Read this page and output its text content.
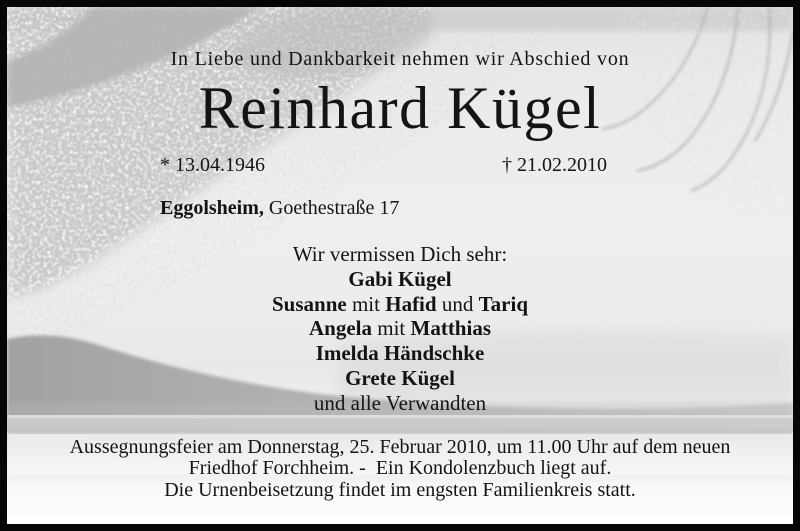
In Liebe und Dankbarkeit nehmen wir Abschied von
Reinhard Kügel
* 13.04.1946	† 21.02.2010
Eggolsheim, Goethestraße 17
Wir vermissen Dich sehr:
Gabi Kügel
Susanne mit Hafid und Tariq
Angela mit Matthias
Imelda Händschke
Grete Kügel
und alle Verwandten
Aussegnungsfeier am Donnerstag, 25. Februar 2010, um 11.00 Uhr auf dem neuen
Friedhof Forchheim. -  Ein Kondolenzbuch liegt auf.
Die Urnenbeisetzung findet im engsten Familienkreis statt.
